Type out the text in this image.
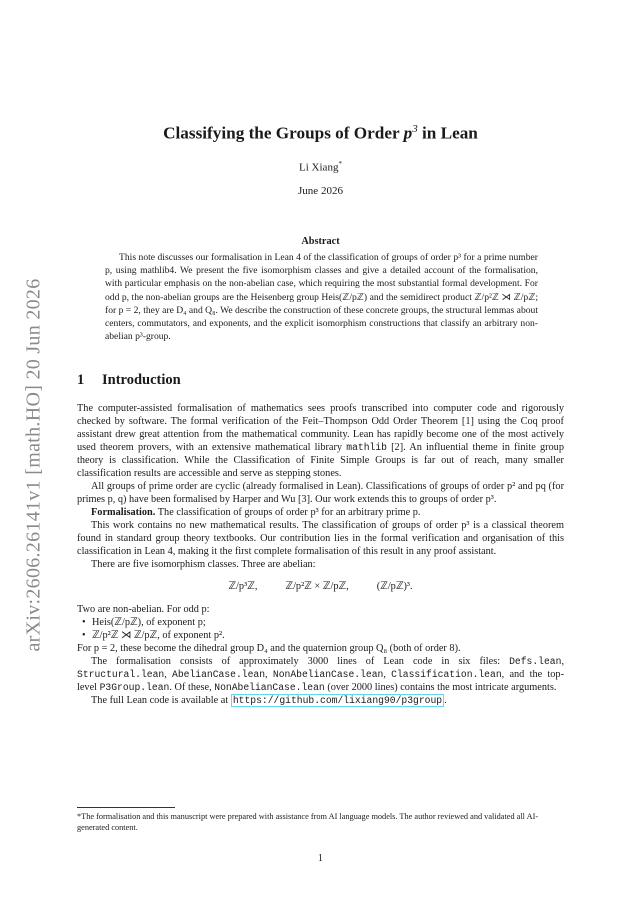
arXiv:2606.26141v1 [math.HO] 20 Jun 2026
Classifying the Groups of Order $p^3$ in Lean
Li Xiang*
June 2026
Abstract
This note discusses our formalisation in Lean 4 of the classification of groups of order p³ for a prime number p, using mathlib4. We present the five isomorphism classes and give a detailed account of the formalisation, with particular emphasis on the non-abelian case, which requiring the most substantial formal development. For odd p, the non-abelian groups are the Heisenberg group Heis(ℤ/pℤ) and the semidirect product ℤ/p²ℤ ⋊ ℤ/pℤ; for p = 2, they are D₄ and Q₈. We describe the construction of these concrete groups, the structural lemmas about centers, commutators, and exponents, and the explicit isomorphism constructions that classify an arbitrary non-abelian p³-group.
1 Introduction

The computer-assisted formalisation of mathematics sees proofs transcribed into computer code and rigorously checked by software. The formal verification of the Feit–Thompson Odd Order Theorem [1] using the Coq proof assistant drew great attention from the mathematical community. Lean has rapidly become one of the most actively used theorem provers, with an extensive mathematical library mathlib [2]. An influential theme in finite group theory is classification. While the Classification of Finite Simple Groups is far out of reach, many smaller classification results are accessible and serve as stepping stones.

All groups of prime order are cyclic (already formalised in Lean). Classifications of groups of order p² and pq (for primes p, q) have been formalised by Harper and Wu [3]. Our work extends this to groups of order p³.

Formalisation. The classification of groups of order p³ for an arbitrary prime p.

This work contains no new mathematical results. The classification of groups of order p³ is a classical theorem found in standard group theory textbooks. Our contribution lies in the formal verification and organisation of this classification in Lean 4, making it the first complete formalisation of this result in any proof assistant.

There are five isomorphism classes. Three are abelian:

ℤ/p³ℤ,	ℤ/p²ℤ × ℤ/pℤ,	(ℤ/pℤ)³.

Two are non-abelian. For odd p:

• Heis(ℤ/pℤ), of exponent p;
• ℤ/p²ℤ ⋊ ℤ/pℤ, of exponent p².

For p = 2, these become the dihedral group D₄ and the quaternion group Q₈ (both of order 8).

The formalisation consists of approximately 3000 lines of Lean code in six files: Defs.lean, Structural.lean, AbelianCase.lean, NonAbelianCase.lean, Classification.lean, and the top-level P3Group.lean. Of these, NonAbelianCase.lean (over 2000 lines) contains the most intricate arguments.

The full Lean code is available at https://github.com/lixiang90/p3group .

*The formalisation and this manuscript were prepared with assistance from AI language models. The author reviewed and validated all AI-generated content.
1
